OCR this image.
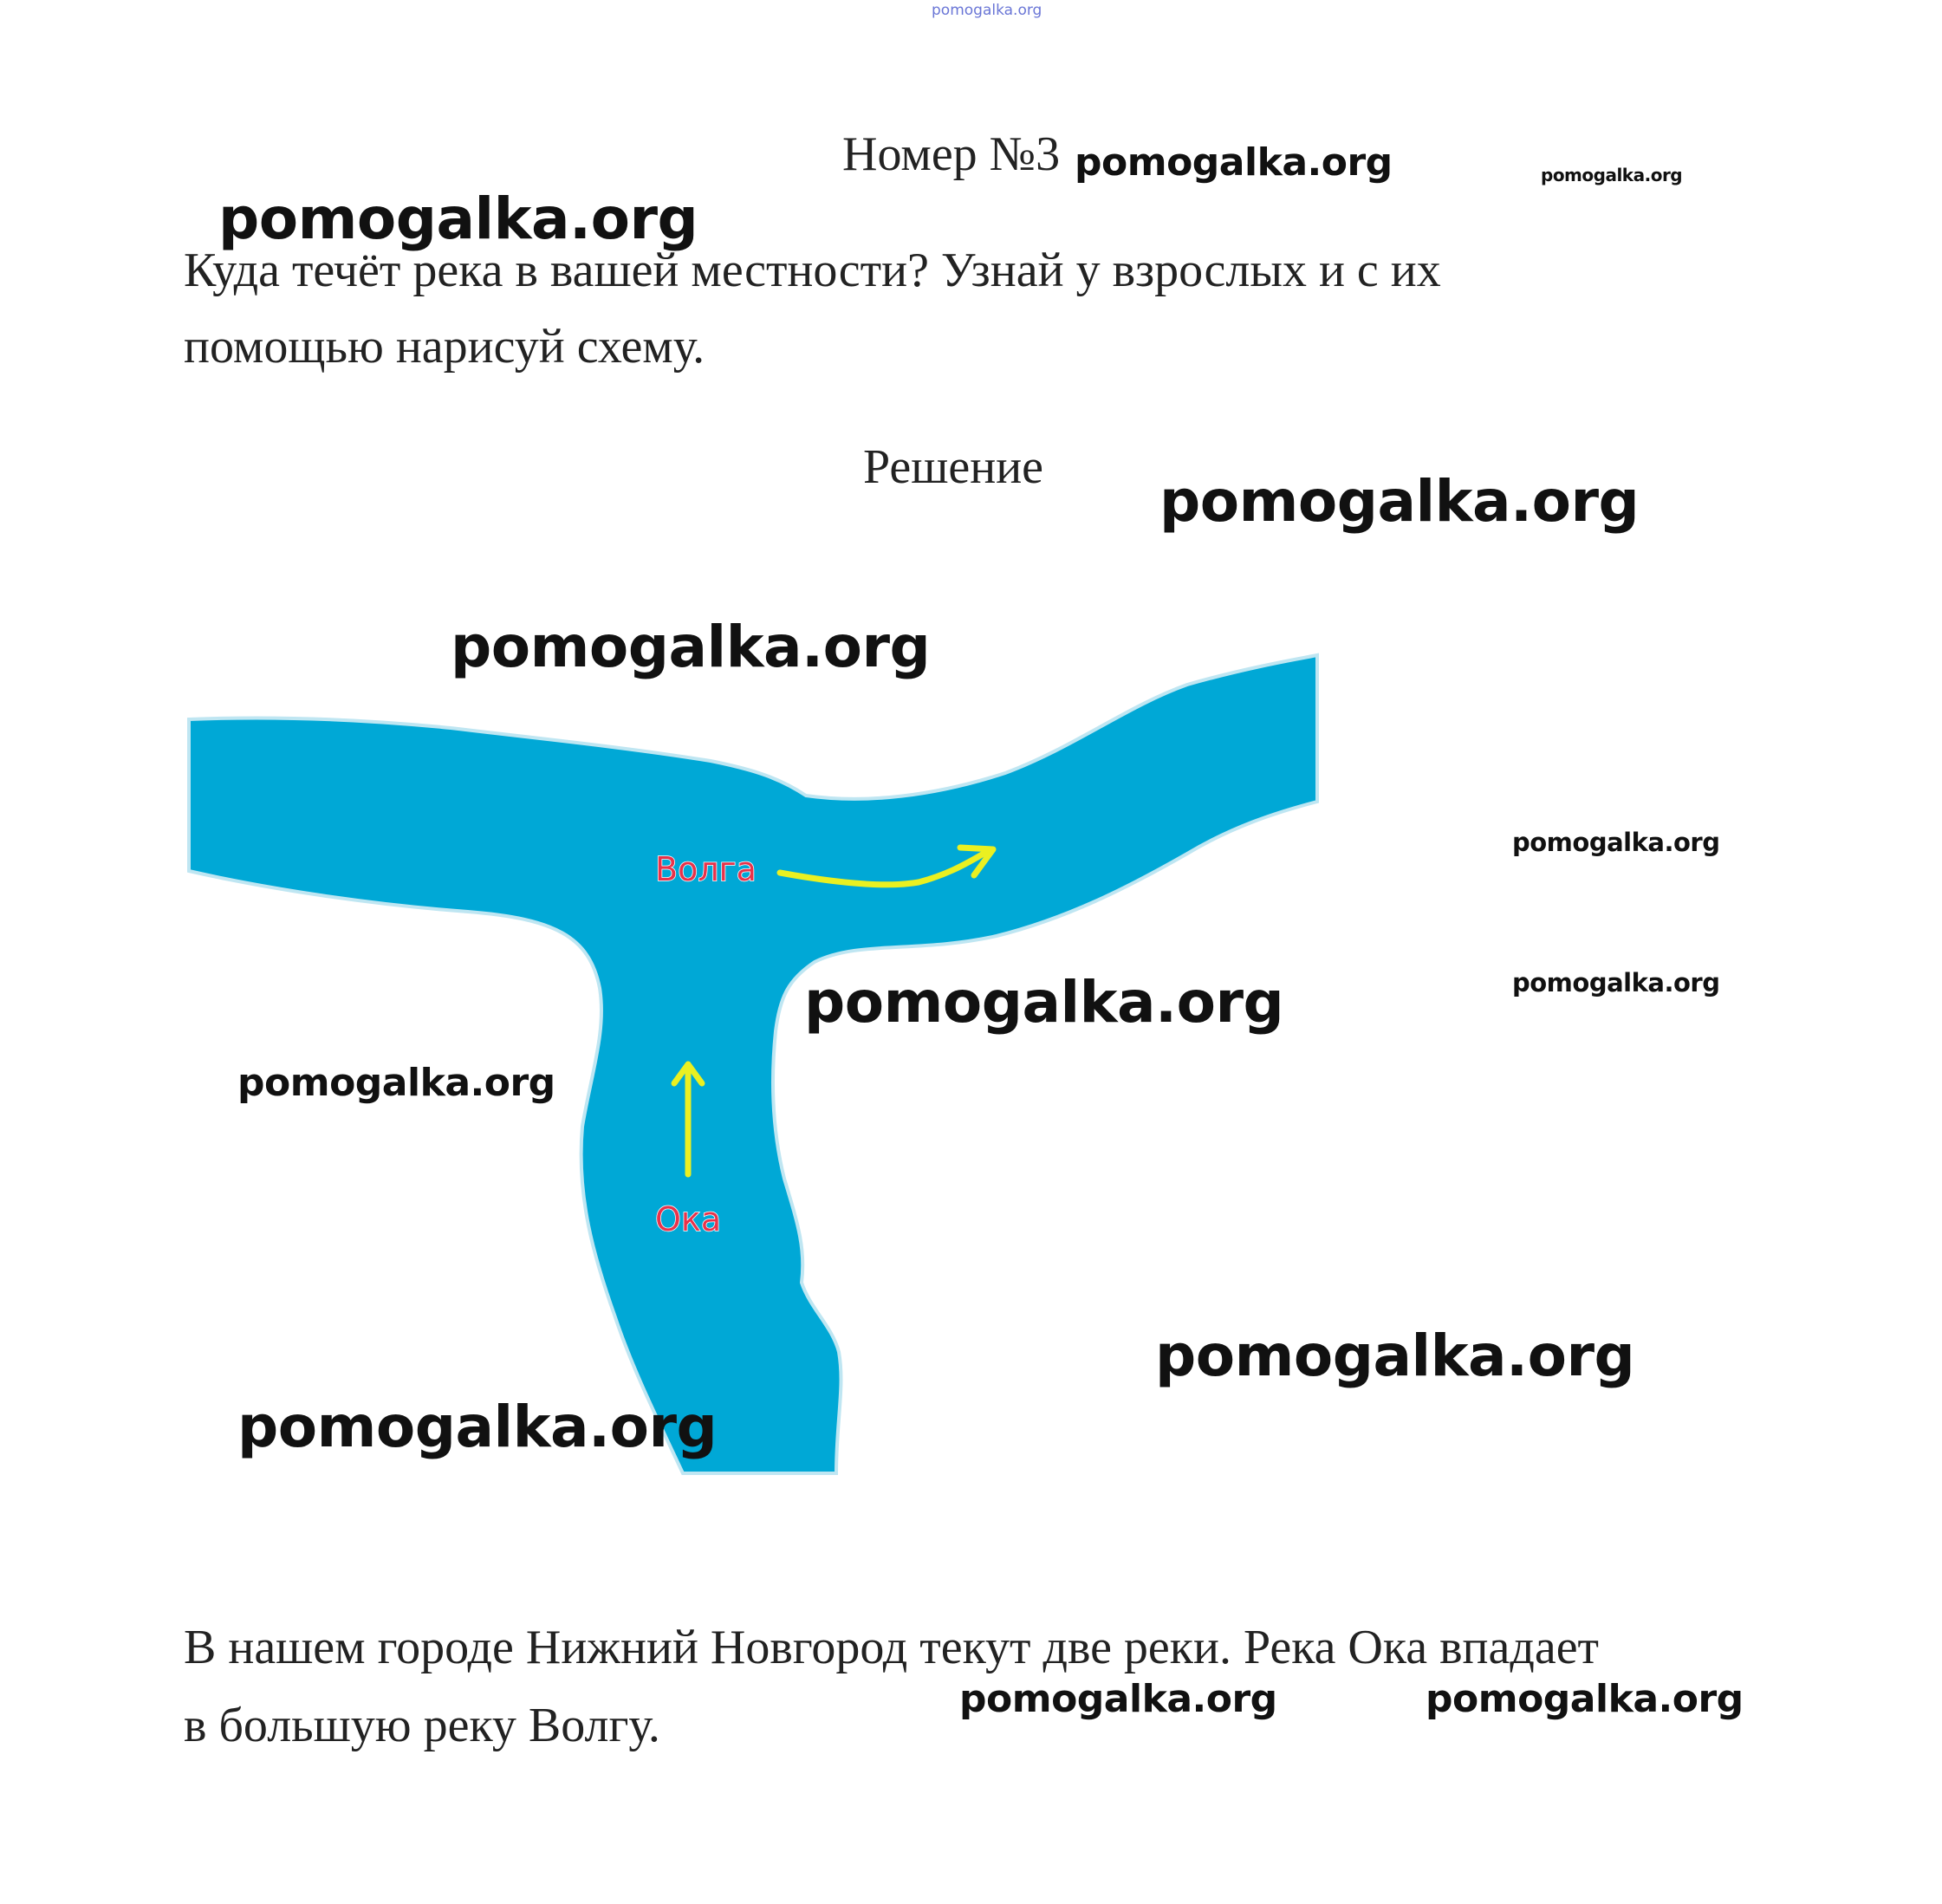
pomogalka.org
Номер №3
Куда течёт река в вашей местности? Узнай у взрослых и с их
помощью нарисуй схему.
Решение
Волга
Ока
В нашем городе Нижний Новгород текут две реки. Река Ока впадает
в большую реку Волгу.
pomogalka.org	pomogalka.org
pomogalka.org
pomogalka.org
pomogalka.org
pomogalka.org
pomogalka.org	pomogalka.org
pomogalka.org
pomogalka.org
pomogalka.org
pomogalka.org	pomogalka.org
